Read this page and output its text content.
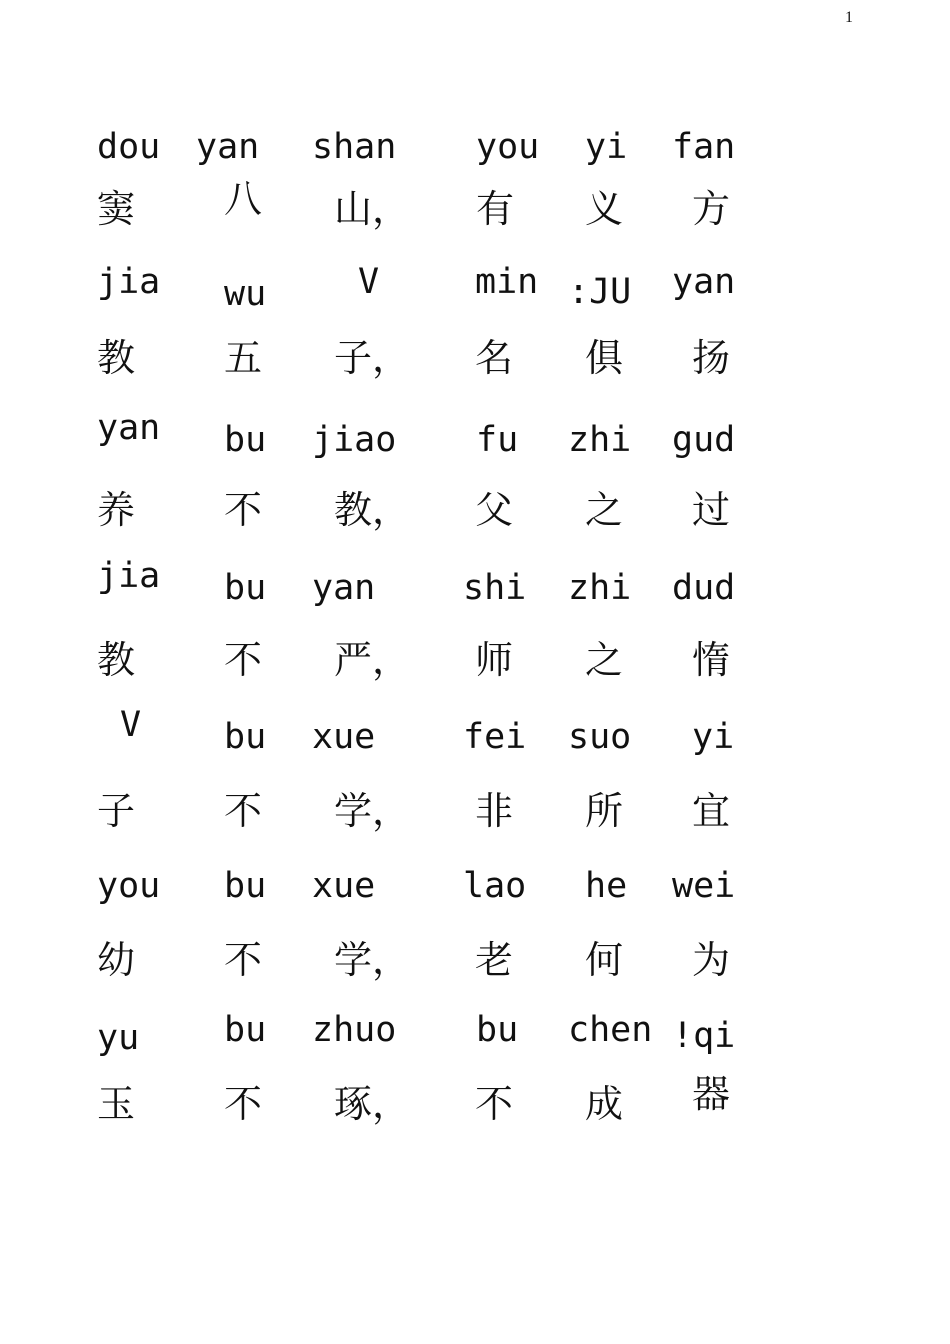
1
dou yan shan you yi fan
窦 八 山， 有 义 方
jia wu	V	min :JU yan
教 五 子， 名 俱 扬
yan bu jiao fu zhi gud
养 不 教， 父 之 过
jia bu yan	shi zhi dud
教 不 严， 师 之 惰
V bu xue	fei suo yi
子 不 学， 非 所 宜
you bu xue	lao he wei
幼 不 学， 老 何 为
yu bu zhuo bu chen !qi
玉 不 琢， 不 成 器
